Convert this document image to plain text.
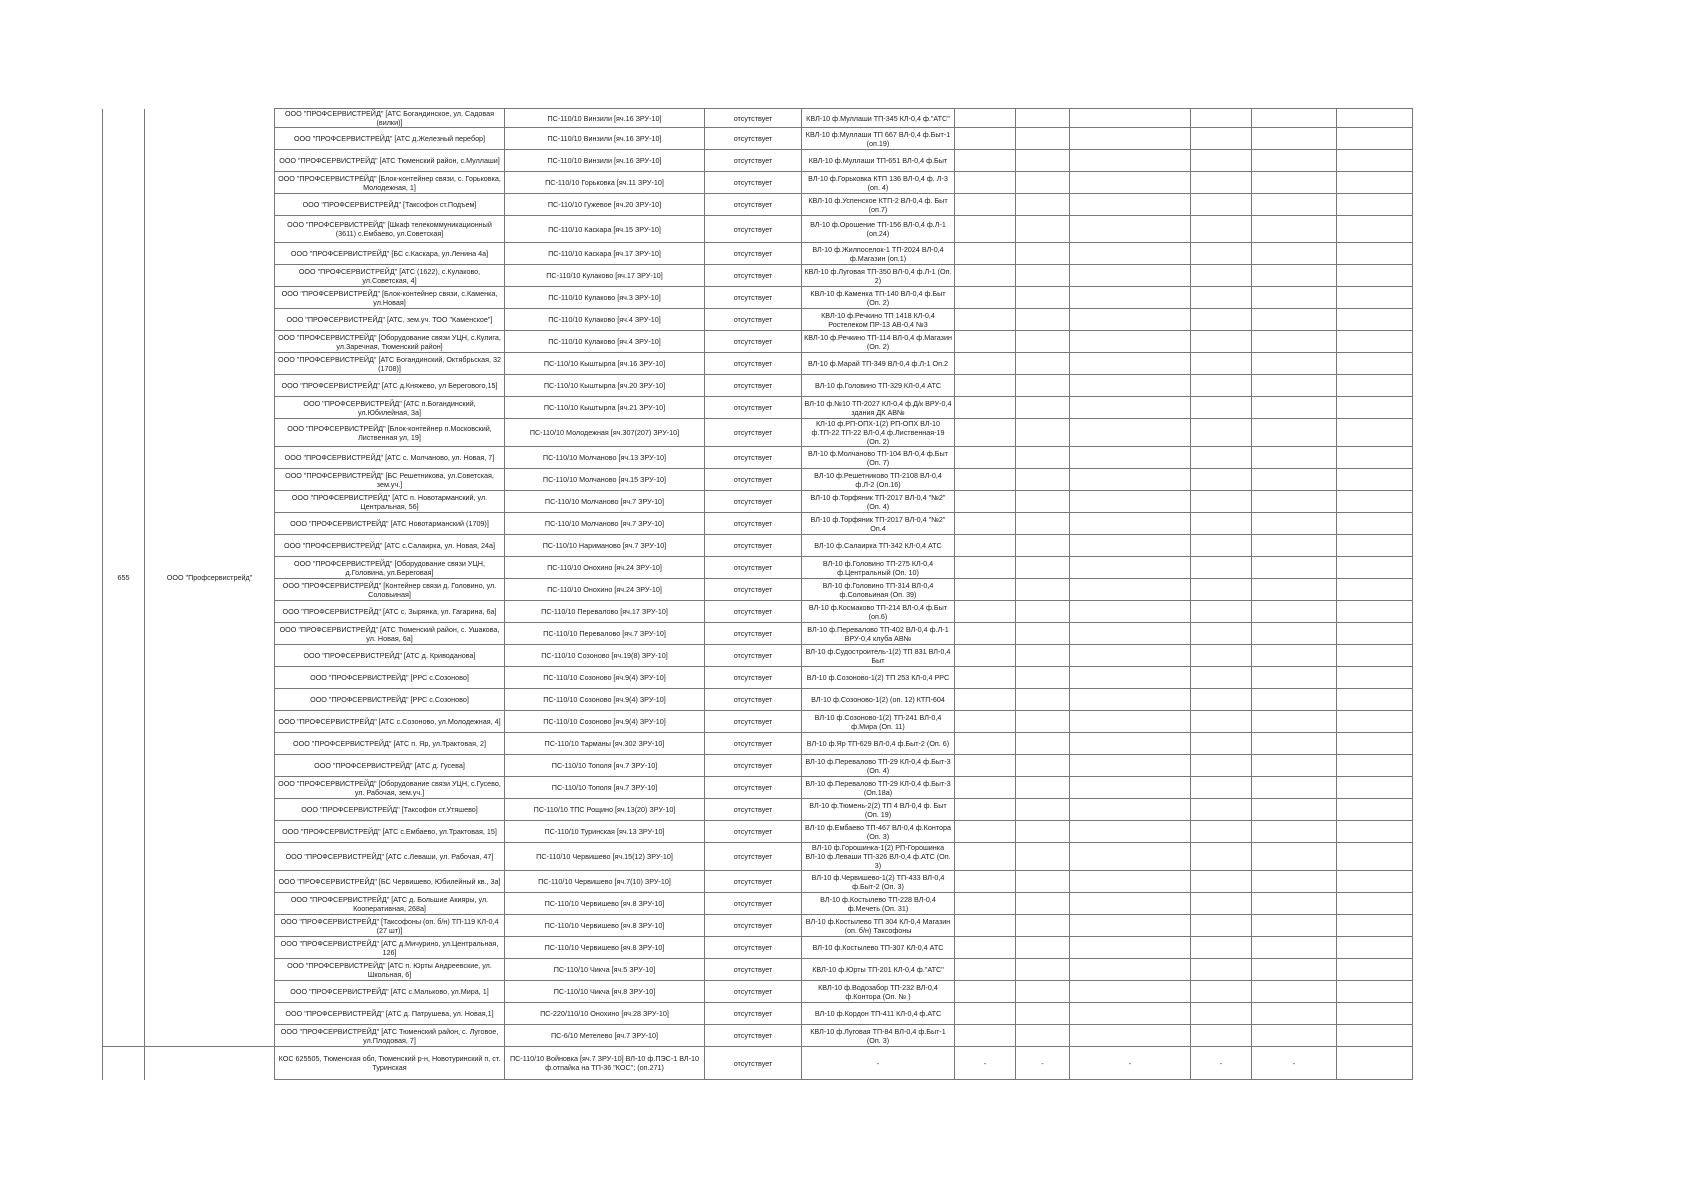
655	ООО "Профсервистрейд"	ООО "ПРОФСЕРВИСТРЕЙД" [АТС Богандинское, ул. Садовая (вилки)]	ПС-110/10 Винзили [яч.16 ЗРУ-10]	отсутствует	КВЛ-10 ф.Муллаши ТП-345 КЛ-0,4 ф."АТС"						
		ООО "ПРОФСЕРВИСТРЕЙД" [АТС д.Железный перебор]	ПС-110/10 Винзили [яч.16 ЗРУ-10]	отсутствует	КВЛ-10 ф.Муллаши ТП 667 ВЛ-0,4 ф.Быт-1 (оп.19)						
		ООО "ПРОФСЕРВИСТРЕЙД" [АТС Тюменский район, с.Муллаши]	ПС-110/10 Винзили [яч.16 ЗРУ-10]	отсутствует	КВЛ-10 ф.Муллаши ТП-651 ВЛ-0,4 ф.Быт						
		ООО "ПРОФСЕРВИСТРЕЙД" [Блок-контейнер связи, с. Горьковка, Молодежная, 1]	ПС-110/10 Горьковка [яч.11 ЗРУ-10]	отсутствует	ВЛ-10 ф.Горьковка КТП 136 ВЛ-0,4 ф. Л-3 (оп. 4)						
		ООО "ПРОФСЕРВИСТРЕЙД" [Таксофон ст.Подъем]	ПС-110/10 Гужевое [яч.20 ЗРУ-10]	отсутствует	КВЛ-10 ф.Успенское КТП-2 ВЛ-0,4 ф. Быт (оп.7)						
		ООО "ПРОФСЕРВИСТРЕЙД" [Шкаф телекоммуникационный (3611) с.Ембаево, ул.Советская]	ПС-110/10 Каскара [яч.15 ЗРУ-10]	отсутствует	ВЛ-10 ф.Орошение ТП-156 ВЛ-0,4 ф.Л-1 (оп.24)						
		ООО "ПРОФСЕРВИСТРЕЙД" [БС с.Каскара, ул.Ленина 4а]	ПС-110/10 Каскара [яч.17 ЗРУ-10]	отсутствует	ВЛ-10 ф.Жилпоселок-1 ТП-2024 ВЛ-0,4 ф.Магазин (оп.1)						
		ООО "ПРОФСЕРВИСТРЕЙД" [АТС (1622), с.Кулаково, ул.Советская, 4]	ПС-110/10 Кулаково [яч.17 ЗРУ-10]	отсутствует	КВЛ-10 ф.Луговая ТП-350 ВЛ-0,4 ф.Л-1 (Оп. 2)						
		ООО "ПРОФСЕРВИСТРЕЙД" [Блок-контейнер связи, с.Каменка, ул.Новая]	ПС-110/10 Кулаково [яч.3 ЗРУ-10]	отсутствует	КВЛ-10 ф.Каменка ТП-140 ВЛ-0,4 ф.Быт (Оп. 2)						
		ООО "ПРОФСЕРВИСТРЕЙД" [АТС, зем.уч. ТОО "Каменское"]	ПС-110/10 Кулаково [яч.4 ЗРУ-10]	отсутствует	КВЛ-10 ф.Речкино ТП 1418 КЛ-0,4 Ростелеком ПР-13 АВ-0,4 №3						
		ООО "ПРОФСЕРВИСТРЕЙД" [Оборудование связи УЦН, с.Кулига, ул.Заречная, Тюменский район]	ПС-110/10 Кулаково [яч.4 ЗРУ-10]	отсутствует	КВЛ-10 ф.Речкино ТП-114 ВЛ-0,4 ф.Магазин (Оп. 2)						
		ООО "ПРОФСЕРВИСТРЕЙД" [АТС Богандинский, Октябрьская, 32 (1708)]	ПС-110/10 Кыштырла [яч.16 ЗРУ-10]	отсутствует	ВЛ-10 ф.Марай ТП-349 ВЛ-0,4 ф.Л-1 Оп.2						
		ООО "ПРОФСЕРВИСТРЕЙД" [АТС д.Княжево, ул Берегового,15]	ПС-110/10 Кыштырла [яч.20 ЗРУ-10]	отсутствует	ВЛ-10 ф.Головино ТП-329 КЛ-0,4 АТС						
		ООО "ПРОФСЕРВИСТРЕЙД" [АТС п.Богандинский, ул.Юбилейная, 3а]	ПС-110/10 Кыштырла [яч.21 ЗРУ-10]	отсутствует	ВЛ-10 ф.№10 ТП-2027 КЛ-0,4 ф.Д/к ВРУ-0,4 здания ДК АВ№						
		ООО "ПРОФСЕРВИСТРЕЙД" [Блок-контейнер п.Московский, Лиственная ул, 19]	ПС-110/10 Молодежная [яч.307(207) ЗРУ-10]	отсутствует	КЛ-10 ф.РП-ОПХ-1(2) РП-ОПХ ВЛ-10 ф.ТП-22 ТП-22 ВЛ-0,4 ф.Лиственная-19 (Оп. 2)						
		ООО "ПРОФСЕРВИСТРЕЙД" [АТС с. Молчаново, ул. Новая, 7]	ПС-110/10 Молчаново [яч.13 ЗРУ-10]	отсутствует	ВЛ-10 ф.Молчаново ТП-104 ВЛ-0,4 ф.Быт (Оп. 7)						
		ООО "ПРОФСЕРВИСТРЕЙД" [БС Решетникова, ул.Советская, зем.уч.]	ПС-110/10 Молчаново [яч.15 ЗРУ-10]	отсутствует	ВЛ-10 ф.Решетниково ТП-2108 ВЛ-0,4 ф.Л-2 (Оп.16)						
		ООО "ПРОФСЕРВИСТРЕЙД" [АТС п. Новотарманский, ул. Центральная, 56]	ПС-110/10 Молчаново [яч.7 ЗРУ-10]	отсутствует	ВЛ-10 ф.Торфяник ТП-2017 ВЛ-0,4 "№2" (Оп. 4)						
		ООО "ПРОФСЕРВИСТРЕЙД" [АТС Новотарманский (1709)]	ПС-110/10 Молчаново [яч.7 ЗРУ-10]	отсутствует	ВЛ-10 ф.Торфяник ТП-2017 ВЛ-0,4 "№2" Оп.4						
		ООО "ПРОФСЕРВИСТРЕЙД" [АТС с.Салаирка, ул. Новая, 24а]	ПС-110/10 Нариманово [яч.7 ЗРУ-10]	отсутствует	ВЛ-10 ф.Салаирка ТП-342 КЛ-0,4 АТС						
		ООО "ПРОФСЕРВИСТРЕЙД" [Оборудование связи УЦН, д.Головина, ул.Береговая]	ПС-110/10 Онохино [яч.24 ЗРУ-10]	отсутствует	ВЛ-10 ф.Головино ТП-275 КЛ-0,4 ф.Центральный (Оп. 10)						
		ООО "ПРОФСЕРВИСТРЕЙД" [Контейнер связи д. Головино, ул. Соловьиная]	ПС-110/10 Онохино [яч.24 ЗРУ-10]	отсутствует	ВЛ-10 ф.Головино ТП-314 ВЛ-0,4 ф.Соловьиная (Оп. 39)						
		ООО "ПРОФСЕРВИСТРЕЙД" [АТС с. Зырянка, ул. Гагарина, 6а]	ПС-110/10 Перевалово [яч.17 ЗРУ-10]	отсутствует	ВЛ-10 ф.Космаково ТП-214 ВЛ-0,4 ф.Быт (оп.6)						
		ООО "ПРОФСЕРВИСТРЕЙД" [АТС Тюменский район, с. Ушакова, ул. Новая, 6а]	ПС-110/10 Перевалово [яч.7 ЗРУ-10]	отсутствует	ВЛ-10 ф.Перевалово ТП-402 ВЛ-0,4 ф.Л-1 ВРУ-0,4 клуба АВ№						
		ООО "ПРОФСЕРВИСТРЕЙД" [АТС д. Криводанова]	ПС-110/10 Созоново [яч.19(8) ЗРУ-10]	отсутствует	ВЛ-10 ф.Судостроитель-1(2) ТП 831 ВЛ-0,4 Быт						
		ООО "ПРОФСЕРВИСТРЕЙД" [РРС с.Созоново]	ПС-110/10 Созоново [яч.9(4) ЗРУ-10]	отсутствует	ВЛ-10 ф.Созоново-1(2) ТП 253 КЛ-0,4 РРС						
		ООО "ПРОФСЕРВИСТРЕЙД" [РРС с.Созоново]	ПС-110/10 Созоново [яч.9(4) ЗРУ-10]	отсутствует	ВЛ-10 ф.Созоново-1(2) (оп. 12) КТП-604						
		ООО "ПРОФСЕРВИСТРЕЙД" [АТС с.Созоново, ул.Молодежная, 4]	ПС-110/10 Созоново [яч.9(4) ЗРУ-10]	отсутствует	ВЛ-10 ф.Созоново-1(2) ТП-241 ВЛ-0,4 ф.Мира (Оп. 11)						
		ООО "ПРОФСЕРВИСТРЕЙД" [АТС п. Яр, ул.Трактовая, 2]	ПС-110/10 Тарманы [яч.302 ЗРУ-10]	отсутствует	ВЛ-10 ф.Яр ТП-629 ВЛ-0,4 ф.Быт-2 (Оп. 6)						
		ООО "ПРОФСЕРВИСТРЕЙД" [АТС д. Гусева]	ПС-110/10 Тополя [яч.7 ЗРУ-10]	отсутствует	ВЛ-10 ф.Перевалово ТП-29 КЛ-0,4 ф.Быт-3 (Оп. 4)						
		ООО "ПРОФСЕРВИСТРЕЙД" [Оборудование связи УЦН, с.Гусево, ул. Рабочая, зем.уч.]	ПС-110/10 Тополя [яч.7 ЗРУ-10]	отсутствует	ВЛ-10 ф.Перевалово ТП-29 КЛ-0,4 ф.Быт-3 (Оп.18а)						
		ООО "ПРОФСЕРВИСТРЕЙД" [Таксофон ст.Утяшево]	ПС-110/10 ТПС Рощино [яч.13(20) ЗРУ-10]	отсутствует	ВЛ-10 ф.Тюмень-2(2) ТП 4 ВЛ-0,4 ф. Быт (Оп. 19)						
		ООО "ПРОФСЕРВИСТРЕЙД" [АТС с.Ембаево, ул.Трактовая, 15]	ПС-110/10 Туринская [яч.13 ЗРУ-10]	отсутствует	ВЛ-10 ф.Ембаево ТП-467 ВЛ-0,4 ф.Контора (Оп. 3)						
		ООО "ПРОФСЕРВИСТРЕЙД" [АТС с.Леваши, ул. Рабочая, 47]	ПС-110/10 Червишево [яч.15(12) ЗРУ-10]	отсутствует	ВЛ-10 ф.Горошинка-1(2) РП-Горошинка ВЛ-10 ф.Леваши ТП-326 ВЛ-0,4 ф.АТС (Оп. 3)						
		ООО "ПРОФСЕРВИСТРЕЙД" [БС Червишево, Юбилейный кв., 3а]	ПС-110/10 Червишево [яч.7(10) ЗРУ-10]	отсутствует	ВЛ-10 ф.Червишево-1(2) ТП-433 ВЛ-0,4 ф.Быт-2 (Оп. 3)						
		ООО "ПРОФСЕРВИСТРЕЙД" [АТС д. Большие Акияры, ул. Кооперативная, 268а]	ПС-110/10 Червишево [яч.8 ЗРУ-10]	отсутствует	ВЛ-10 ф.Костылево ТП-228 ВЛ-0,4 ф.Мечеть (Оп. 31)						
		ООО "ПРОФСЕРВИСТРЕЙД" [Таксофоны (оп. б/н) ТП-119 КЛ-0,4 (27 шт)]	ПС-110/10 Червишево [яч.8 ЗРУ-10]	отсутствует	ВЛ-10 ф.Костылево ТП 304 КЛ-0,4 Магазин (оп. б/н) Таксофоны						
		ООО "ПРОФСЕРВИСТРЕЙД" [АТС д.Мичурино, ул.Центральная, 126]	ПС-110/10 Червишево [яч.8 ЗРУ-10]	отсутствует	ВЛ-10 ф.Костылево ТП-307 КЛ-0,4 АТС						
		ООО "ПРОФСЕРВИСТРЕЙД" [АТС п. Юрты Андреевские, ул. Школьная, 6]	ПС-110/10 Чикча [яч.5 ЗРУ-10]	отсутствует	КВЛ-10 ф.Юрты ТП-201 КЛ-0,4 ф."АТС"						
		ООО "ПРОФСЕРВИСТРЕЙД" [АТС с.Мальково, ул.Мира, 1]	ПС-110/10 Чикча [яч.8 ЗРУ-10]	отсутствует	КВЛ-10 ф.Водозабор ТП-232 ВЛ-0,4 ф.Контора (Оп. № )						
		ООО "ПРОФСЕРВИСТРЕЙД" [АТС д. Патрушева, ул. Новая,1]	ПС-220/110/10 Онохино [яч.28 ЗРУ-10]	отсутствует	ВЛ-10 ф.Кордон ТП-411 КЛ-0,4 ф.АТС						
		ООО "ПРОФСЕРВИСТРЕЙД" [АТС Тюменский район, с. Луговое, ул.Плодовая, 7]	ПС-6/10 Метелево [яч.7 ЗРУ-10]	отсутствует	КВЛ-10 ф.Луговая ТП-84 ВЛ-0,4 ф.Быт-1 (Оп. 3)						
		КОС 625505, Тюменская обл, Тюменский р-н, Новотуринский п, ст. Туринская	ПС-110/10 Войновка [яч.7 ЗРУ-10] ВЛ-10 ф.ПЭС-1 ВЛ-10 ф.отпайка на ТП-36 "КОС"; (оп.271)	отсутствует	-	-	-	-	-	-	
